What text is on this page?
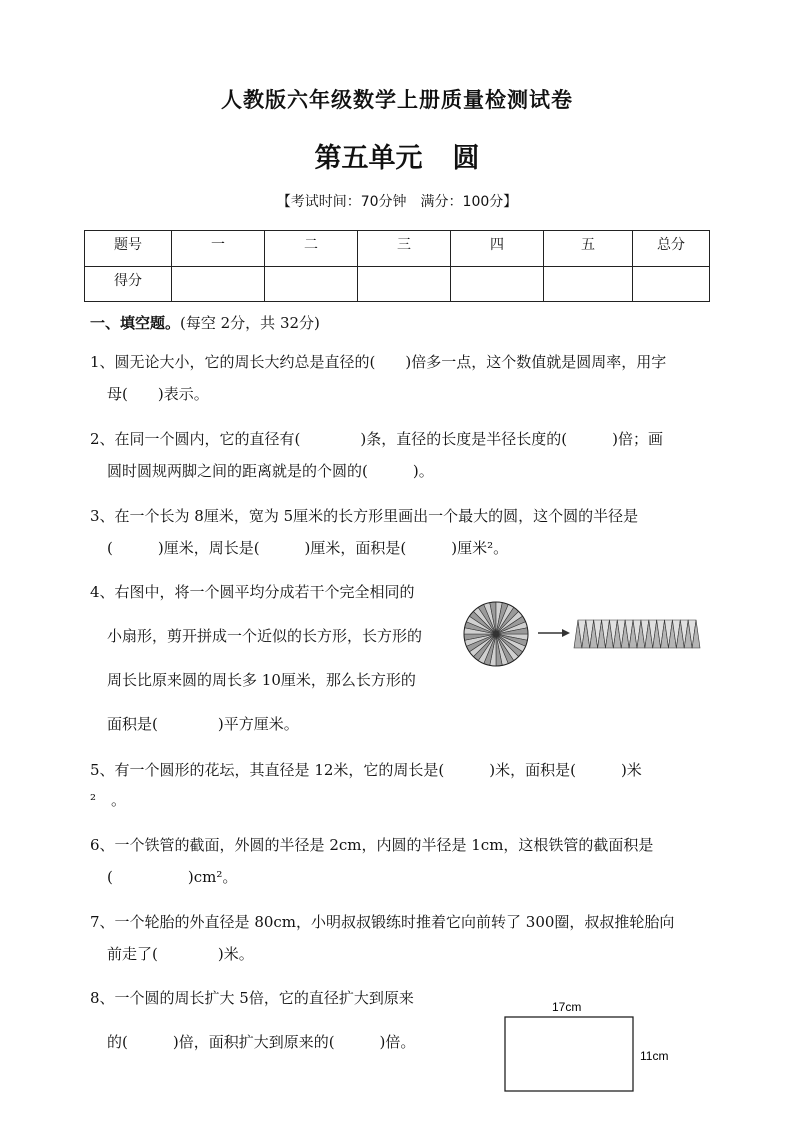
人教版六年级数学上册质量检测试卷
第五单元 圆
【考试时间：70分钟　满分：100分】
题号	一	二	三	四	五	总分
得分						
一、填空题。(每空 2分，共 32分)
1、圆无论大小，它的周长大约总是直径的(　　)倍多一点，这个数值就是圆周率，用字
母(　　)表示。
2、在同一个圆内，它的直径有(　　　　)条，直径的长度是半径长度的(　　　)倍；画
圆时圆规两脚之间的距离就是的个圆的(　　　)。
3、在一个长为 8厘米，宽为 5厘米的长方形里画出一个最大的圆，这个圆的半径是
(　　　)厘米，周长是(　　　)厘米，面积是(　　　)厘米²。
4、右图中，将一个圆平均分成若干个完全相同的
小扇形，剪开拼成一个近似的长方形，长方形的
周长比原来圆的周长多 10厘米，那么长方形的
面积是(　　　　)平方厘米。
5、有一个圆形的花坛，其直径是 12米，它的周长是(　　　)米，面积是(　　　)米
²　。
6、一个铁管的截面，外圆的半径是 2cm，内圆的半径是 1cm，这根铁管的截面积是
(　　　　　)cm²。
7、一个轮胎的外直径是 80cm，小明叔叔锻练时推着它向前转了 300圈，叔叔推轮胎向
前走了(　　　　)米。
8、一个圆的周长扩大 5倍，它的直径扩大到原来
的(　　　)倍，面积扩大到原来的(　　　)倍。
17cm
11cm
